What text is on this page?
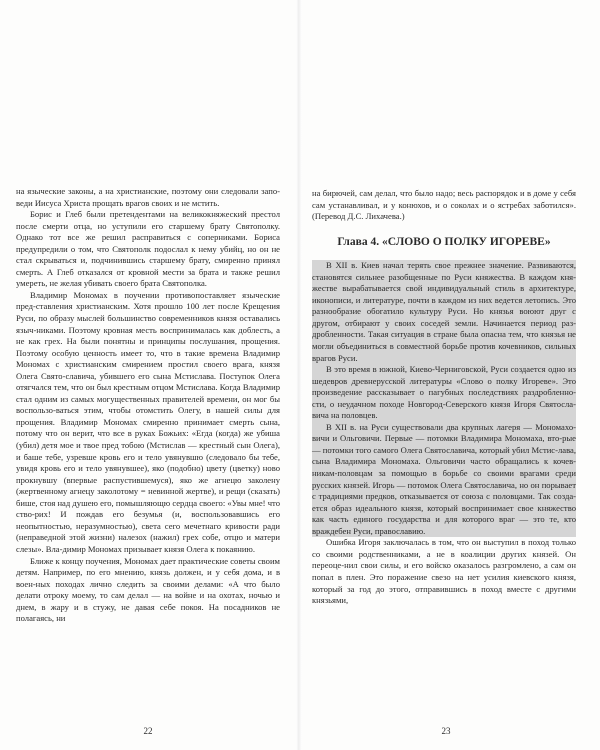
на языческие законы, а на христианские, поэтому они следовали запо-веди Иисуса Христа прощать врагов своих и не мстить.

Борис и Глеб были претендентами на великокняжеский престол после смерти отца, но уступили его старшему брату Святополку. Однако тот все же решил расправиться с соперниками. Бориса предупредили о том, что Святополк подослал к нему убийц, но он не стал скрываться и, подчинившись старшему брату, смиренно принял смерть. А Глеб отказался от кровной мести за брата и также решил умереть, не желая убивать своего брата Святополка.

Владимир Мономах в поучении противопоставляет языческие пред-ставления христианским. Хотя прошло 100 лет после Крещения Руси, по образу мыслей большинство современников князя оставались языч-никами. Поэтому кровная месть воспринималась как доблесть, а не как грех. На были понятны и принципы послушания, прощения. Поэтому особую ценность имеет то, что в такие времена Владимир Мономах с христианским смирением простил своего врага, князя Олега Свято-славича, убившего его сына Мстислава. Поступок Олега отягчался тем, что он был крестным отцом Мстислава. Когда Владимир стал одним из самых могущественных правителей времени, он мог бы воспользо-ваться этим, чтобы отомстить Олегу, в нашей силы для прощения. Владимир Мономах смиренно принимает смерть сына, потому что он верит, что все в руках Божьих: «Егда (когда) же убиша (убил) детя мое и твое пред тобою (Мстислав — крестный сын Олега), и баше тебе, узревше кровь его и тело увянувшю (следовало бы тебе, увидя кровь его и тело увянувшее), яко (подобно) цвету (цветку) ново прокнувшу (впервые распустившемуся), яко же агнецю заколену (жертвенному агнецу заколотому = невинной жертве), и рещи (сказать) бише, стоя над душею его, помышляющю сердца своего: «Увы мне! что ство-рих! И пождав его безумья (и, воспользовавшись его неопытностью, неразумностью), света сего мечетнаго кривости ради (неправедной этой жизни) налезох (нажил) грех собе, отцю и матери слезы». Вла-димир Мономах призывает князя Олега к покаянию.

Ближе к концу поучения, Мономах дает практические советы своим детям. Например, по его мнению, князь должен, и у себя дома, и в воен-ных походах лично следить за своими делами: «А что было делати отроку моему, то сам делал — на войне и на охотах, ночью и днем, в жару и в стужу, не давая себе покоя. На посадников не полагаясь, ни

22

на бирючей, сам делал, что было надо; весь распорядок и в доме у себя сам устанавливал, и у конюхов, и о соколах и о ястребах заботился». (Перевод Д.С. Лихачева.)

Глава 4. «СЛОВО О ПОЛКУ ИГОРЕВЕ»

В XII в. Киев начал терять свое прежнее значение. Развиваются, становятся сильнее разобщенные по Руси княжества. В каждом кня-жестве вырабатывается свой индивидуальный стиль в архитектуре, иконописи, и литературе, почти в каждом из них ведется летопись. Это разнообразие обогатило культуру Руси. Но князья воюют друг с другом, отбирают у своих соседей земли. Начинается период раз-дробленности. Такая ситуация в стране была опасна тем, что князья не могли объединиться в совместной борьбе против кочевников, сильных врагов Руси.

В это время в южной, Киево-Черниговской, Руси создается одно из шедевров древнерусской литературы «Слово о полку Игореве». Это произведение рассказывает о пагубных последствиях раздробленно-сти, о неудачном походе Новгород-Северского князя Игоря Святосла-вича на половцев.

В XII в. на Руси существовали два крупных лагеря — Мономахо-вичи и Ольговичи. Первые — потомки Владимира Мономаха, вто-рые — потомки того самого Олега Святославича, который убил Мстис-лава, сына Владимира Мономаха. Ольговичи часто обращались к кочев-никам-половцам за помощью в борьбе со своими врагами среди русских князей. Игорь — потомок Олега Святославича, но он порывает с традициями предков, отказывается от союза с половцами. Так созда-ется образ идеального князя, который воспринимает свое княжество как часть единого государства и для которого враг — это те, кто враждебен Руси, православию.

Ошибка Игоря заключалась в том, что он выступил в поход только со своими родственниками, а не в коалиции других князей. Он переоце-нил свои силы, и его войско оказалось разгромлено, а сам он попал в плен. Это поражение свезо на нет усилия киевского князя, который за год до этого, отправившись в поход вместе с другими князьями,

23
